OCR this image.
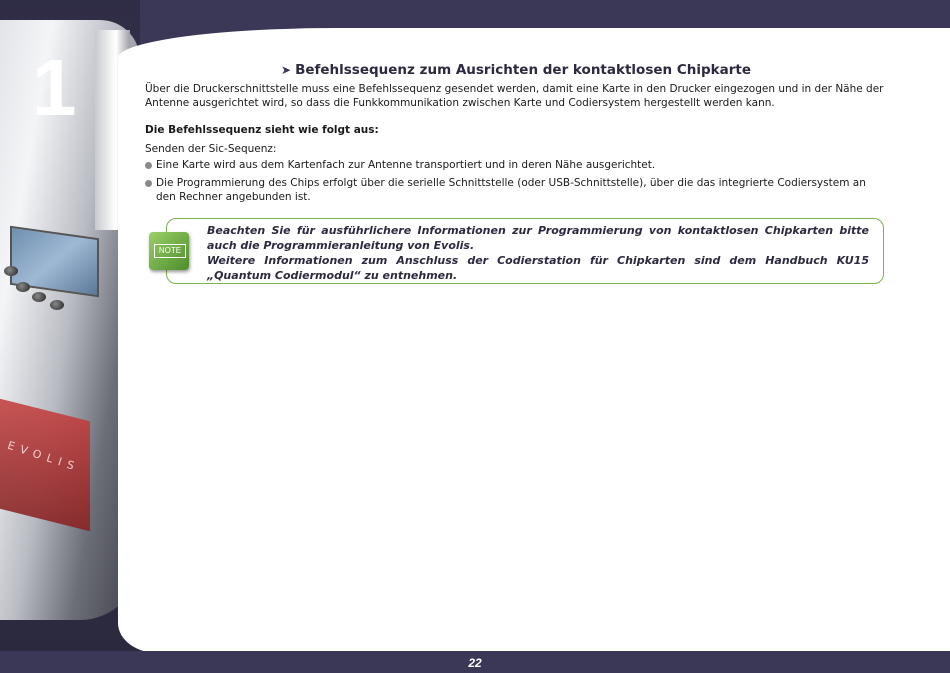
EVOLIS
1	➤ Befehlssequenz zum Ausrichten der kontaktlosen Chipkarte

Über die Druckerschnittstelle muss eine Befehlssequenz gesendet werden, damit eine Karte in den Drucker eingezogen und in der Nähe der Antenne ausgerichtet wird, so dass die Funkkommunikation zwischen Karte und Codiersystem hergestellt werden kann.

Die Befehlssequenz sieht wie folgt aus:

Senden der Sic-Sequenz:

Eine Karte wird aus dem Kartenfach zur Antenne transportiert und in deren Nähe ausgerichtet.
Die Programmierung des Chips erfolgt über die serielle Schnittstelle (oder USB-Schnittstelle), über die das integrierte Codiersystem an den Rechner angebunden ist.
NOTE

Beachten Sie für ausführlichere Informationen zur Programmierung von kontaktlosen Chipkarten bitte auch die Programmieranleitung von Evolis.

Weitere Informationen zum Anschluss der Codierstation für Chipkarten sind dem Handbuch KU15 „Quantum Codiermodul“ zu entnehmen.

22
